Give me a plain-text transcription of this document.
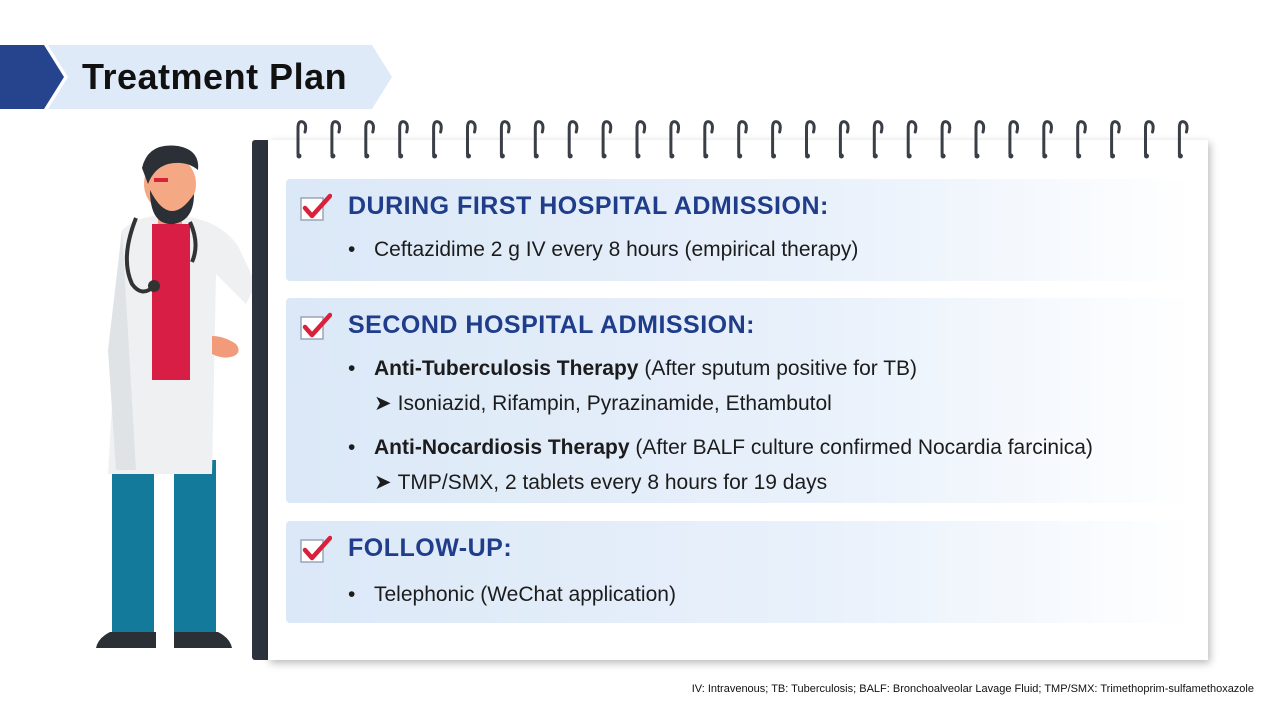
Treatment Plan
DURING FIRST HOSPITAL ADMISSION:
• Ceftazidime 2 g IV every 8 hours (empirical therapy)
SECOND HOSPITAL ADMISSION:
• Anti-Tuberculosis Therapy (After sputum positive for TB)
➤ Isoniazid, Rifampin, Pyrazinamide, Ethambutol
• Anti-Nocardiosis Therapy (After BALF culture confirmed Nocardia farcinica)
➤ TMP/SMX, 2 tablets every 8 hours for 19 days
FOLLOW-UP:
• Telephonic (WeChat application)
IV: Intravenous; TB: Tuberculosis; BALF: Bronchoalveolar Lavage Fluid; TMP/SMX: Trimethoprim-sulfamethoxazole
